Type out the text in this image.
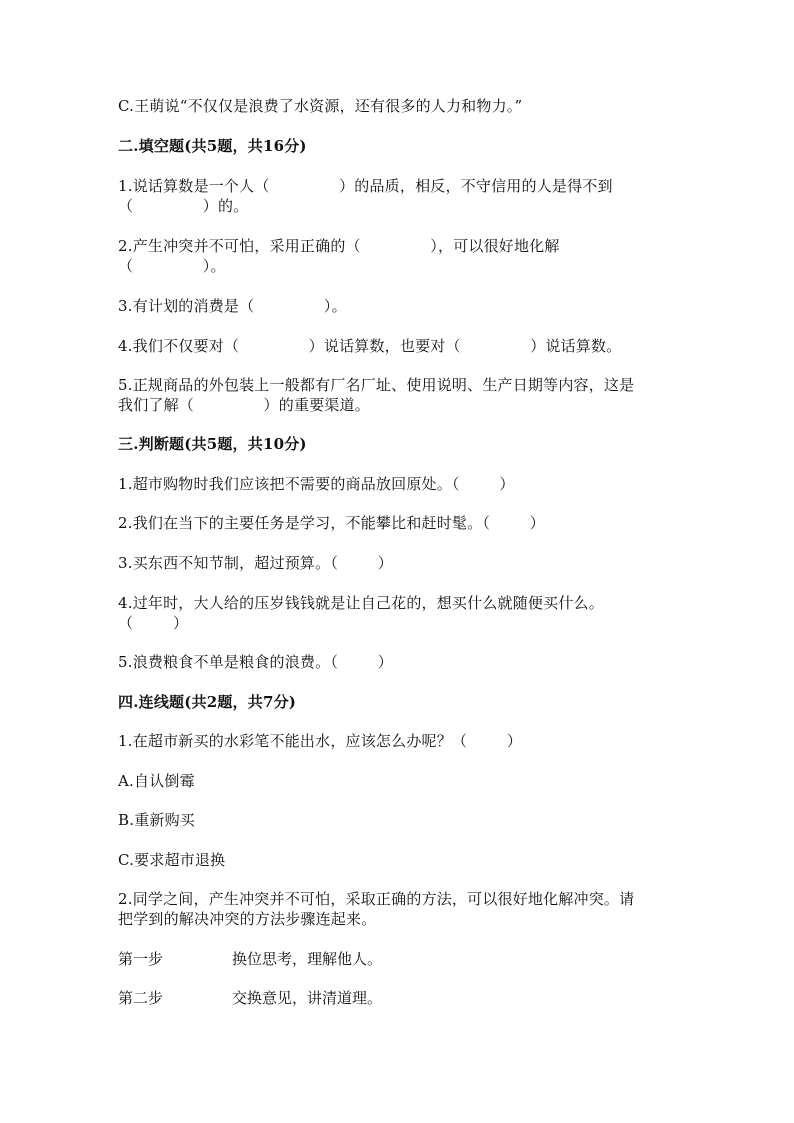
C.王萌说“不仅仅是浪费了水资源，还有很多的人力和物力。”
二.填空题(共5题，共16分)
1.说话算数是一个人（              ）的品质，相反，不守信用的人是得不到
（              ）的。
2.产生冲突并不可怕，采用正确的（              ），可以很好地化解
（              ）。
3.有计划的消费是（              ）。
4.我们不仅要对（              ）说话算数，也要对（              ）说话算数。
5.正规商品的外包装上一般都有厂名厂址、使用说明、生产日期等内容，这是
我们了解（              ）的重要渠道。
三.判断题(共5题，共10分)
1.超市购物时我们应该把不需要的商品放回原处。（        ）
2.我们在当下的主要任务是学习，不能攀比和赶时髦。（        ）
3.买东西不知节制，超过预算。（        ）
4.过年时，大人给的压岁钱钱就是让自己花的，想买什么就随便买什么。
（        ）
5.浪费粮食不单是粮食的浪费。（        ）
四.连线题(共2题，共7分)
1.在超市新买的水彩笔不能出水，应该怎么办呢？（        ）
A.自认倒霉
B.重新购买
C.要求超市退换
2.同学之间，产生冲突并不可怕，采取正确的方法，可以很好地化解冲突。请
把学到的解决冲突的方法步骤连起来。
第一步	换位思考，理解他人。
第二步	交换意见，讲清道理。
